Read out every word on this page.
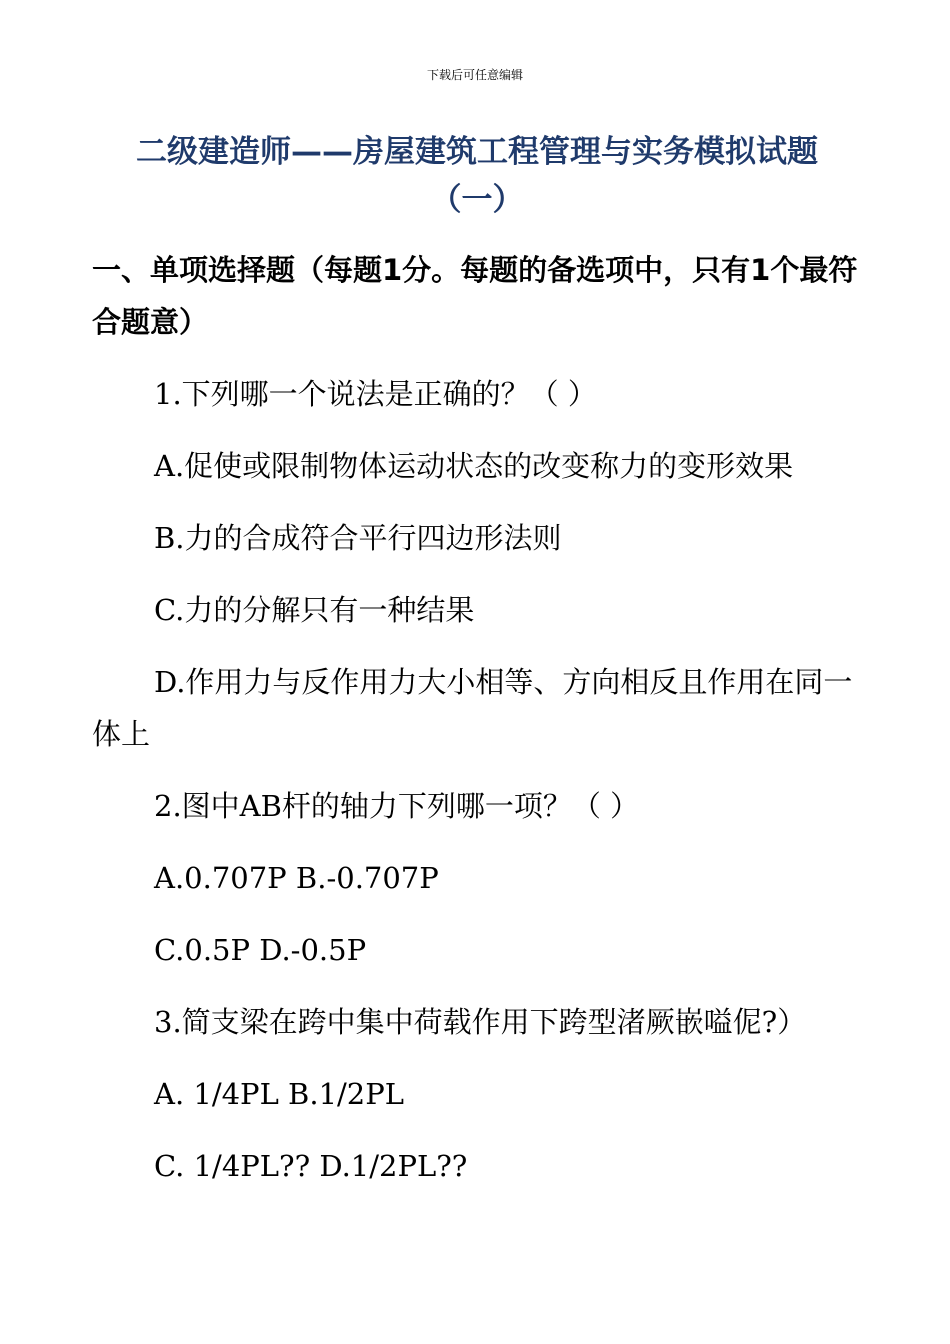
下载后可任意编辑
二级建造师——房屋建筑工程管理与实务模拟试题
（一）

一、单项选择题（每题1分。每题的备选项中，只有1个最符合题意）

1.下列哪一个说法是正确的？（ ）

A.促使或限制物体运动状态的改变称力的变形效果

B.力的合成符合平行四边形法则

C.力的分解只有一种结果

D.作用力与反作用力大小相等、方向相反且作用在同一体上

2.图中AB杆的轴力下列哪一项？（ ）

A.0.707P B.-0.707P

C.0.5P D.-0.5P

3.简支梁在跨中集中荷载作用下跨型渚厥嵌嗌伲?）

A. 1/4PL B.1/2PL

C. 1/4PL?? D.1/2PL??
